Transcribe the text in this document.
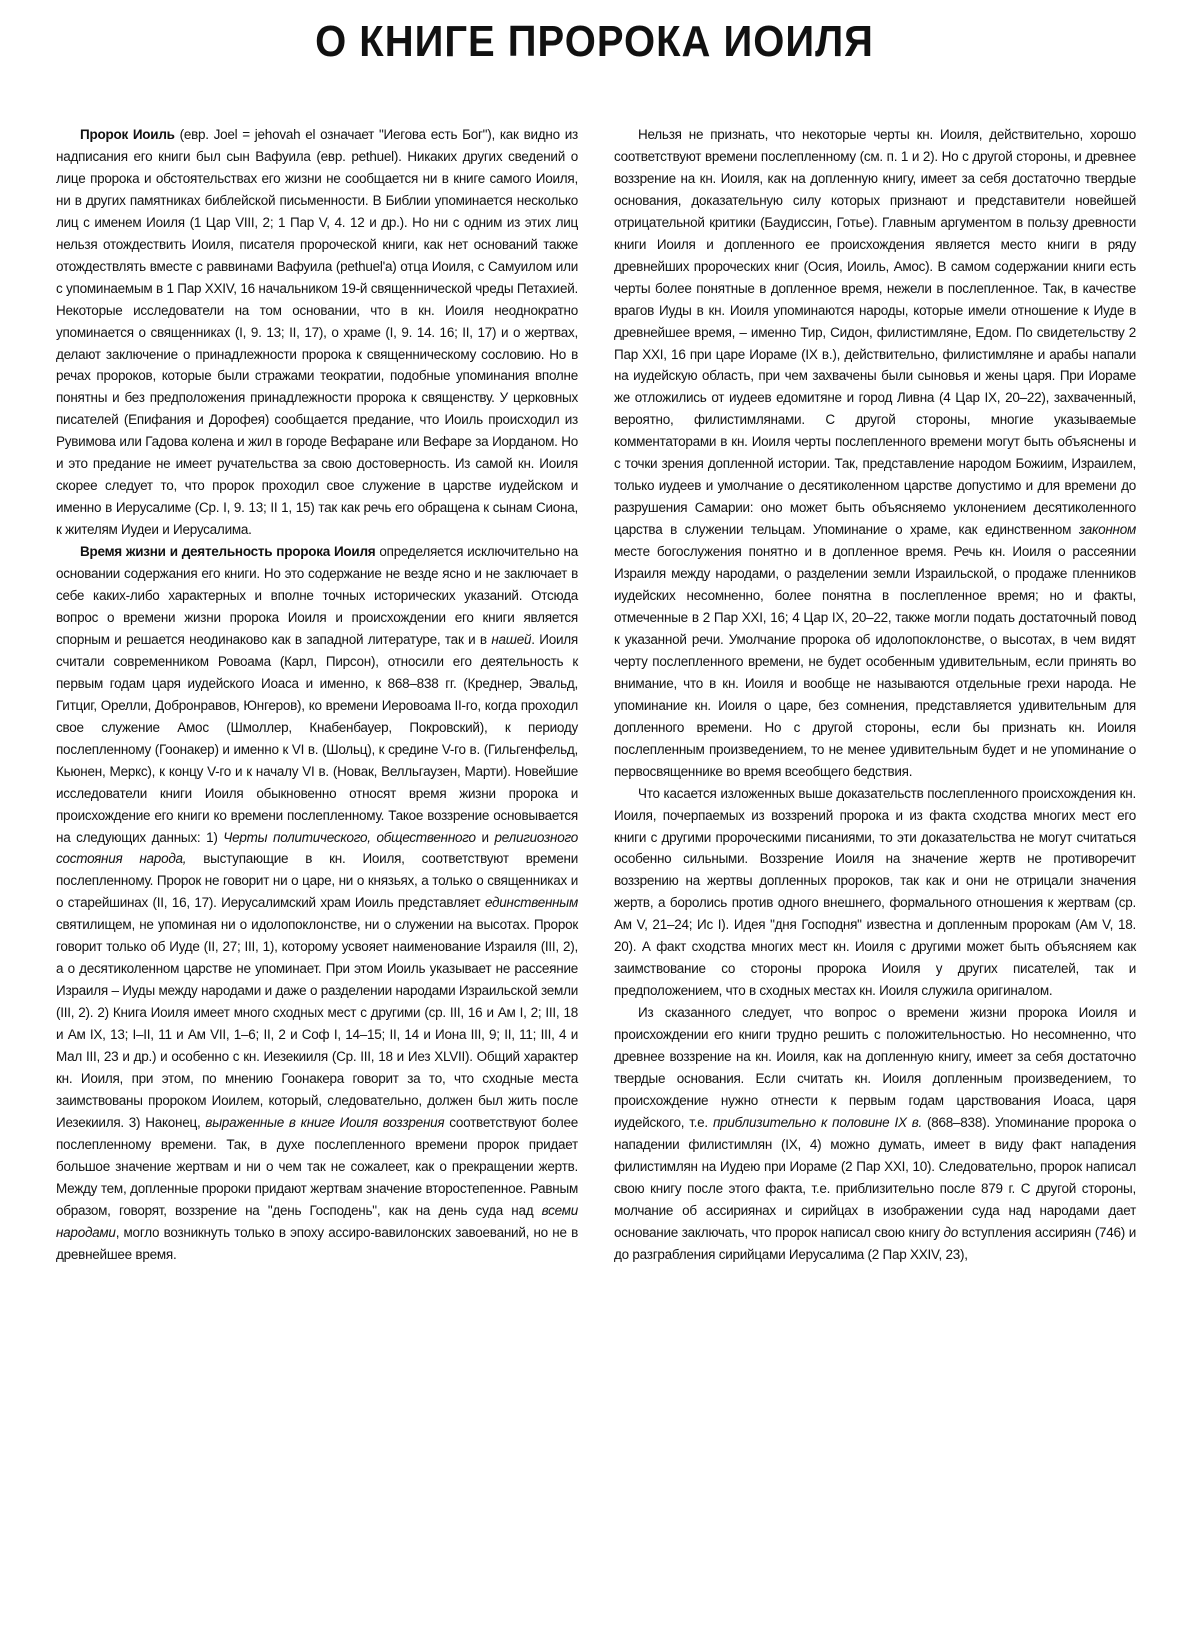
О КНИГЕ ПРОРОКА ИОИЛЯ

Пророк Иоиль (евр. Joel = jehovah el означает "Иегова есть Бог"), как видно из надписания его книги был сын Вафуила (евр. pethuel). Никаких других сведений о лице пророка и обстоятельствах его жизни не сообщается ни в книге самого Иоиля, ни в других памятниках библейской письменности. В Библии упоминается несколько лиц с именем Иоиля (1 Цар VIII, 2; 1 Пар V, 4. 12 и др.). Но ни с одним из этих лиц нельзя отождествить Иоиля, писателя пророческой книги, как нет оснований также отождествлять вместе с раввинами Вафуила (pethuel'a) отца Иоиля, с Самуилом или с упоминаемым в 1 Пар XXIV, 16 начальником 19-й священнической чреды Петахией. Некоторые исследователи на том основании, что в кн. Иоиля неоднократно упоминается о священниках (I, 9. 13; II, 17), о храме (I, 9. 14. 16; II, 17) и о жертвах, делают заключение о принадлежности пророка к священническому сословию. Но в речах пророков, которые были стражами теократии, подобные упоминания вполне понятны и без предположения принадлежности пророка к священству. У церковных писателей (Епифания и Дорофея) сообщается предание, что Иоиль происходил из Рувимова или Гадова колена и жил в городе Вефаране или Вефаре за Иорданом. Но и это предание не имеет ручательства за свою достоверность. Из самой кн. Иоиля скорее следует то, что пророк проходил свое служение в царстве иудейском и именно в Иерусалиме (Ср. I, 9. 13; II 1, 15) так как речь его обращена к сынам Сиона, к жителям Иудеи и Иерусалима.

Время жизни и деятельность пророка Иоиля определяется исключительно на основании содержания его книги. Но это содержание не везде ясно и не заключает в себе каких-либо характерных и вполне точных исторических указаний. Отсюда вопрос о времени жизни пророка Иоиля и происхождении его книги является спорным и решается неодинаково как в западной литературе, так и в нашей. Иоиля считали современником Ровоама (Карл, Пирсон), относили его деятельность к первым годам царя иудейского Иоаса и именно, к 868–838 гг. (Креднер, Эвальд, Гитциг, Орелли, Добронравов, Юнгеров), ко времени Иеровоама II-го, когда проходил свое служение Амос (Шмоллер, Кнабенбауер, Покровский), к периоду послепленному (Гоонакер) и именно к VI в. (Шольц), к средине V-го в. (Гильгенфельд, Кьюнен, Меркс), к концу V-го и к началу VI в. (Новак, Велльгаузен, Марти). Новейшие исследователи книги Иоиля обыкновенно относят время жизни пророка и происхождение его книги ко времени послепленному. Такое воззрение основывается на следующих данных: 1) Черты политического, общественного и религиозного состояния народа, выступающие в кн. Иоиля, соответствуют времени послепленному. Пророк не говорит ни о царе, ни о князьях, а только о священниках и о старейшинах (II, 16, 17). Иерусалимский храм Иоиль представляет единственным святилищем, не упоминая ни о идолопоклонстве, ни о служении на высотах. Пророк говорит только об Иуде (II, 27; III, 1), которому усвояет наименование Израиля (III, 2), а о десятиколенном царстве не упоминает. При этом Иоиль указывает не рассеяние Израиля – Иуды между народами и даже о разделении народами Израильской земли (III, 2). 2) Книга Иоиля имеет много сходных мест с другими (ср. III, 16 и Ам I, 2; III, 18 и Ам IX, 13; I–II, 11 и Ам VII, 1–6; II, 2 и Соф I, 14–15; II, 14 и Иона III, 9; II, 11; III, 4 и Мал III, 23 и др.) и особенно с кн. Иезекииля (Ср. III, 18 и Иез XLVII). Общий характер кн. Иоиля, при этом, по мнению Гоонакера говорит за то, что сходные места заимствованы пророком Иоилем, который, следовательно, должен был жить после Иезекииля. 3) Наконец, выраженные в книге Иоиля воззрения соответствуют более послепленному времени. Так, в духе послепленного времени пророк придает большое значение жертвам и ни о чем так не сожалеет, как о прекращении жертв. Между тем, допленные пророки придают жертвам значение второстепенное. Равным образом, говорят, воззрение на "день Господень", как на день суда над всеми народами, могло возникнуть только в эпоху ассиро-вавилонских завоеваний, но не в древнейшее время.

Нельзя не признать, что некоторые черты кн. Иоиля, действительно, хорошо соответствуют времени послепленному (см. п. 1 и 2). Но с другой стороны, и древнее воззрение на кн. Иоиля, как на допленную книгу, имеет за себя достаточно твердые основания, доказательную силу которых признают и представители новейшей отрицательной критики (Баудиссин, Готье). Главным аргументом в пользу древности книги Иоиля и допленного ее происхождения является место книги в ряду древнейших пророческих книг (Осия, Иоиль, Амос). В самом содержании книги есть черты более понятные в допленное время, нежели в послепленное. Так, в качестве врагов Иуды в кн. Иоиля упоминаются народы, которые имели отношение к Иуде в древнейшее время, – именно Тир, Сидон, филистимляне, Едом. По свидетельству 2 Пар XXI, 16 при царе Иораме (IX в.), действительно, филистимляне и арабы напали на иудейскую область, при чем захвачены были сыновья и жены царя. При Иораме же отложились от иудеев едомитяне и город Ливна (4 Цар IX, 20–22), захваченный, вероятно, филистимлянами. С другой стороны, многие указываемые комментаторами в кн. Иоиля черты послепленного времени могут быть объяснены и с точки зрения допленной истории. Так, представление народом Божиим, Израилем, только иудеев и умолчание о десятиколенном царстве допустимо и для времени до разрушения Самарии: оно может быть объясняемо уклонением десятиколенного царства в служении тельцам. Упоминание о храме, как единственном законном месте богослужения понятно и в допленное время. Речь кн. Иоиля о рассеянии Израиля между народами, о разделении земли Израильской, о продаже пленников иудейских несомненно, более понятна в послепленное время; но и факты, отмеченные в 2 Пар XXI, 16; 4 Цар IX, 20–22, также могли подать достаточный повод к указанной речи. Умолчание пророка об идолопоклонстве, о высотах, в чем видят черту послепленного времени, не будет особенным удивительным, если принять во внимание, что в кн. Иоиля и вообще не называются отдельные грехи народа. Не упоминание кн. Иоиля о царе, без сомнения, представляется удивительным для допленного времени. Но с другой стороны, если бы признать кн. Иоиля послепленным произведением, то не менее удивительным будет и не упоминание о первосвященнике во время всеобщего бедствия.

Что касается изложенных выше доказательств послепленного происхождения кн. Иоиля, почерпаемых из воззрений пророка и из факта сходства многих мест его книги с другими пророческими писаниями, то эти доказательства не могут считаться особенно сильными. Воззрение Иоиля на значение жертв не противоречит воззрению на жертвы допленных пророков, так как и они не отрицали значения жертв, а боролись против одного внешнего, формального отношения к жертвам (ср. Ам V, 21–24; Ис I). Идея "дня Господня" известна и допленным пророкам (Ам V, 18. 20). А факт сходства многих мест кн. Иоиля с другими может быть объясняем как заимствование со стороны пророка Иоиля у других писателей, так и предположением, что в сходных местах кн. Иоиля служила оригиналом.

Из сказанного следует, что вопрос о времени жизни пророка Иоиля и происхождении его книги трудно решить с положительностью. Но несомненно, что древнее воззрение на кн. Иоиля, как на допленную книгу, имеет за себя достаточно твердые основания. Если считать кн. Иоиля допленным произведением, то происхождение нужно отнести к первым годам царствования Иоаса, царя иудейского, т.е. приблизительно к половине IX в. (868–838). Упоминание пророка о нападении филистимлян (IX, 4) можно думать, имеет в виду факт нападения филистимлян на Иудею при Иораме (2 Пар XXI, 10). Следовательно, пророк написал свою книгу после этого факта, т.е. приблизительно после 879 г. С другой стороны, молчание об ассириянах и сирийцах в изображении суда над народами дает основание заключать, что пророк написал свою книгу до вступления ассириян (746) и до разграбления сирийцами Иерусалима (2 Пар XXIV, 23),
